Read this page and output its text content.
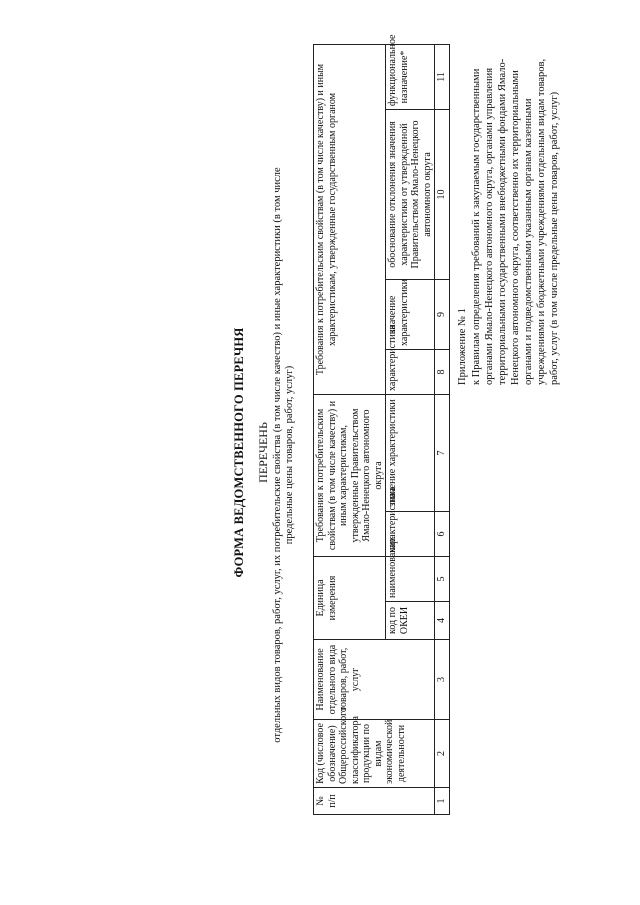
Приложение № 1 к Правилам определения требований к закупаемым государственными органами Ямало-Ненецкого автономного округа, органами управления территориальными государственными внебюджетными фондами Ямало-Ненецкого автономного округа, соответственно их территориальными органами и подведомственными указанным органам казенными учреждениями и бюджетными учреждениями отдельным видам товаров, работ, услуг (в том числе предельные цены товаров, работ, услуг)
ФОРМА ВЕДОМСТВЕННОГО ПЕРЕЧНЯ ПЕРЕЧЕНЬ отдельных видов товаров, работ, услуг, их потребительские свойства (в том числе качество) и иные характеристики (в том числе предельные цены товаров, работ, услуг)
№ п/п	Код (числовое обозначение) Общероссийского классификатора продукции по видам экономической деятельности	Наименование отдельного вида товаров, работ, услуг	Единица измерения		Требования к потребительским свойствам (в том числе качеству) и иным характеристикам, утвержденные Правительством Ямало-Ненецкого автономного округа		Требования к потребительским свойствам (в том числе качеству) и иным характеристикам, утвержденные государственным органом			
			код по ОКЕИ	наименование	характеристика	значение характеристики	характеристика	значение характеристики	обоснование отклонения значения характеристики от утвержденной Правительством Ямало-Ненецкого автономного округа	функциональное назначение*
1	2	3	4	5	6	7	8	9	10	11
